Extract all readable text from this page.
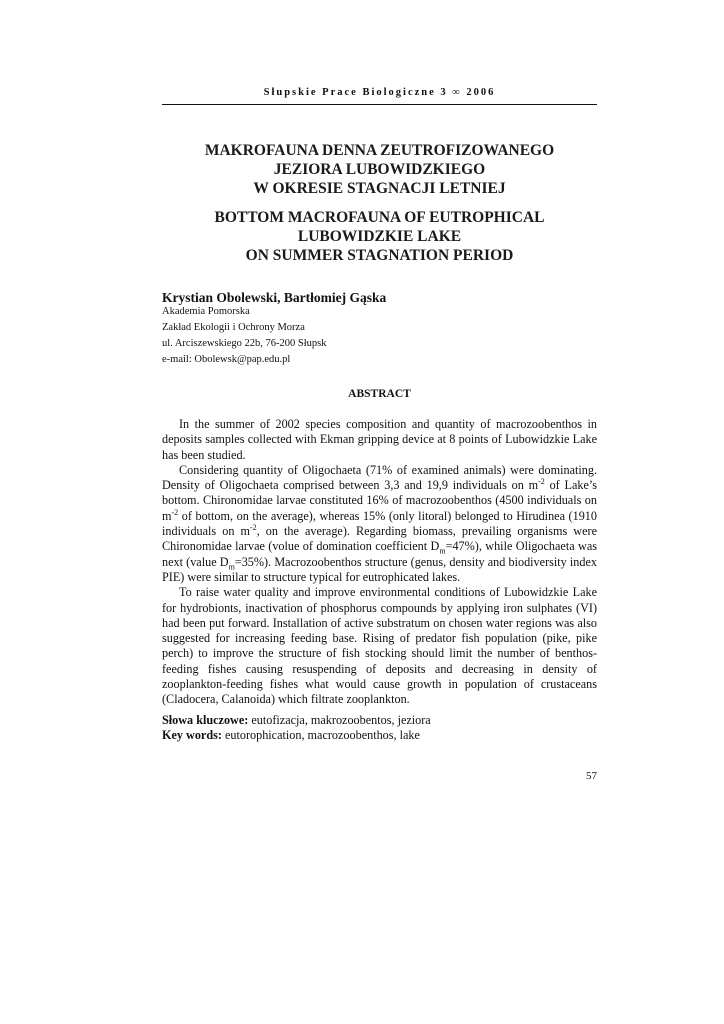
Słupskie Prace Biologiczne 3 ∞ 2006
MAKROFAUNA DENNA ZEUTROFIZOWANEGO
JEZIORA LUBOWIDZKIEGO
W OKRESIE STAGNACJI LETNIEJ
BOTTOM MACROFAUNA OF EUTROPHICAL
LUBOWIDZKIE LAKE
ON SUMMER STAGNATION PERIOD
Krystian Obolewski, Bartłomiej Gąska
Akademia Pomorska
Zakład Ekologii i Ochrony Morza
ul. Arciszewskiego 22b, 76-200 Słupsk
e-mail: Obolewsk@pap.edu.pl
ABSTRACT

In the summer of 2002 species composition and quantity of macrozoobenthos in deposits samples collected with Ekman gripping device at 8 points of Lubowidzkie Lake has been studied.

Considering quantity of Oligochaeta (71% of examined animals) were dominating. Density of Oligochaeta comprised between 3,3 and 19,9 individuals on $m^{-2}$ of Lake’s bottom. Chironomidae larvae constituted 16% of macrozoobenthos (4500 individuals on $m^{-2}$ of bottom, on the average), whereas 15% (only litoral) belonged to Hirudinea (1910 individuals on $m^{-2}$, on the average). Regarding biomass, prevailing organisms were Chironomidae larvae (volue of domination coefficient $D_m=47\%$), while Oligochaeta was next (value $D_m=35\%$). Macrozoobenthos structure (genus, density and biodiversity index PIE) were similar to structure typical for eutrophicated lakes.

To raise water quality and improve environmental conditions of Lubowidzkie Lake for hydrobionts, inactivation of phosphorus compounds by applying iron sulphates (VI) had been put forward. Installation of active substratum on chosen water regions was also suggested for increasing feeding base. Rising of predator fish population (pike, pike perch) to improve the structure of fish stocking should limit the number of benthos-feeding fishes causing resuspending of deposits and decreasing in density of zooplankton-feeding fishes what would cause growth in population of crustaceans (Cladocera, Calanoida) which filtrate zooplankton.

Słowa kluczowe: eutofizacja, makrozoobentos, jeziora
Key words: eutorophication, macrozoobenthos, lake
57
